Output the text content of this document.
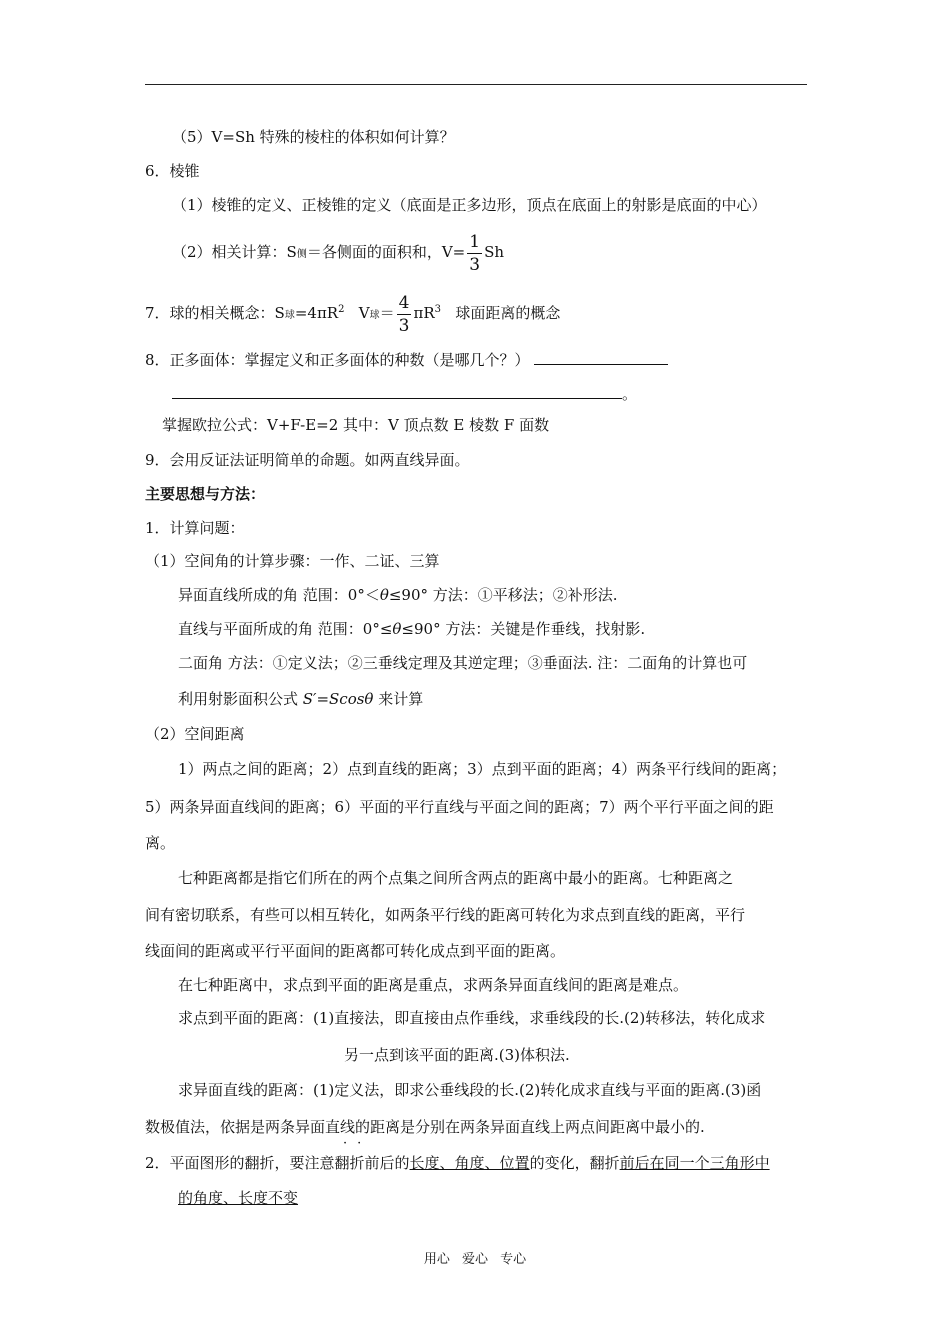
（5）V=Sh 特殊的棱柱的体积如何计算？
6．棱锥
（1）棱锥的定义、正棱锥的定义（底面是正多边形，顶点在底面上的射影是底面的中心）
（2）相关计算：S侧＝各侧面的面积和，$V= \frac{1}{3}$ Sh
7．球的相关概念：S球$=4\pi R^2$ V球＝ $\frac{4}{3} \pi R^3$ 球面距离的概念
8．正多面体：掌握定义和正多面体的种数（是哪几个？）
。
掌握欧拉公式：V+F-E=2 其中：V 顶点数 E 棱数 F 面数
9．会用反证法证明简单的命题。如两直线异面。
主要思想与方法：
1．计算问题：
（1）空间角的计算步骤：一作、二证、三算
异面直线所成的角 范围：0°＜θ≤90° 方法：①平移法；②补形法.
直线与平面所成的角 范围：0°≤θ≤90° 方法：关键是作垂线，找射影.
二面角 方法：①定义法；②三垂线定理及其逆定理；③垂面法. 注：二面角的计算也可
利用射影面积公式 S′=Scosθ 来计算
（2）空间距离
1）两点之间的距离；2）点到直线的距离；3）点到平面的距离；4）两条平行线间的距离；
5）两条异面直线间的距离；6）平面的平行直线与平面之间的距离；7）两个平行平面之间的距
离。
七种距离都是指它们所在的两个点集之间所含两点的距离中最小的距离。七种距离之
间有密切联系，有些可以相互转化，如两条平行线的距离可转化为求点到直线的距离，平行
线面间的距离或平行平面间的距离都可转化成点到平面的距离。
在七种距离中，求点到平面的距离是重点，求两条异面直线间的距离是难点。
求点到平面的距离：(1)直接法，即直接由点作垂线，求垂线段的长.(2)转移法，转化成求
另一点到该平面的距离.(3)体积法.
求异面直线的距离：(1)定义法，即求公垂线段的长.(2)转化成求直线与平面的距离.(3)函
数极值法，依据是两条异面直线的距离是分别在两条异面直线上两点间距离中最小的.
··
2．平面图形的翻折，要注意翻折前后的长度、角度、位置的变化，翻折前后在同一个三角形中
的角度、长度不变
用心 爱心 专心
